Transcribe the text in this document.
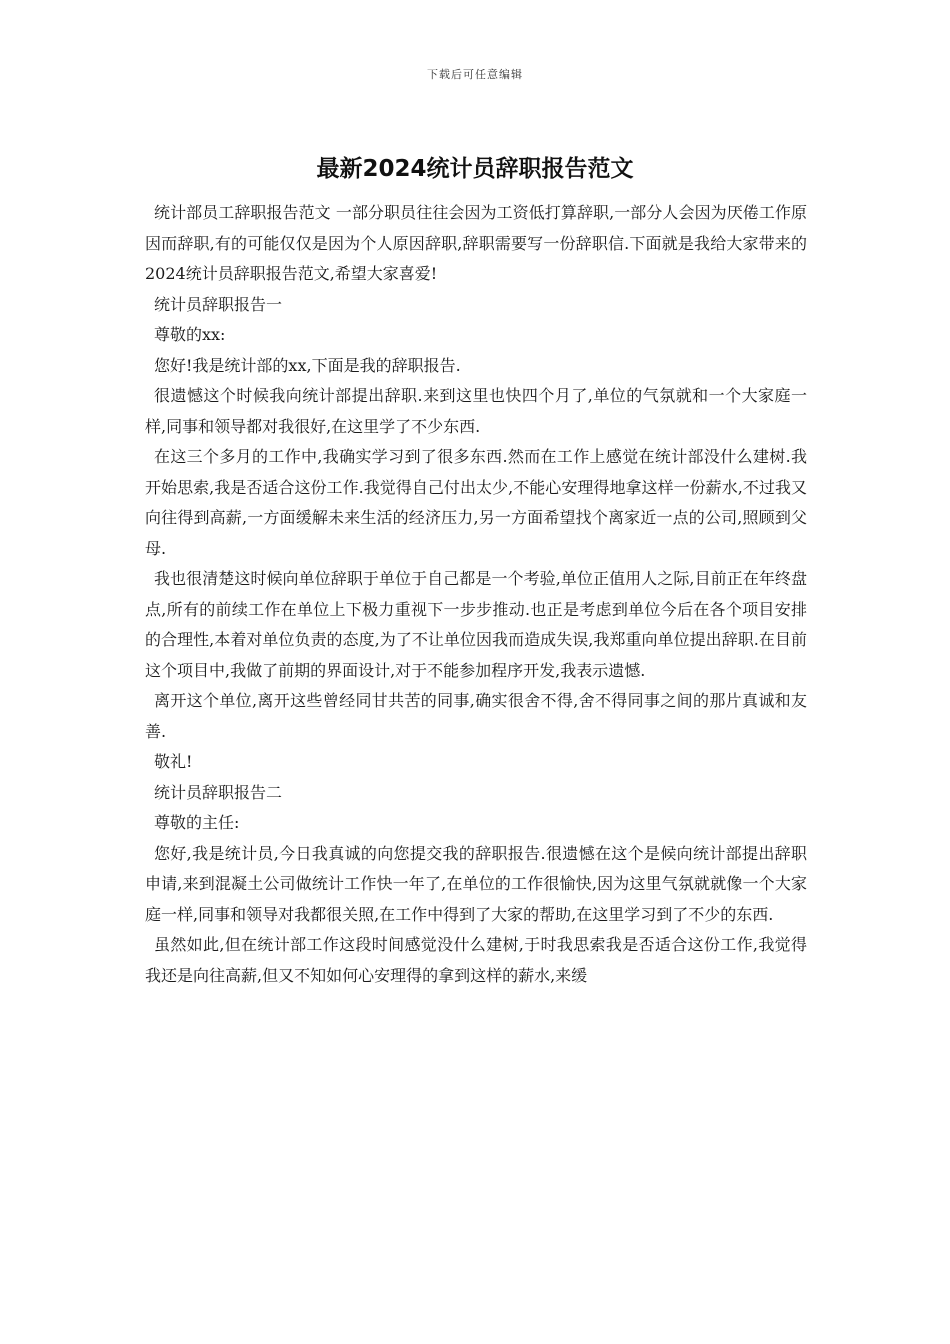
下载后可任意编辑
最新2024统计员辞职报告范文

统计部员工辞职报告范文 一部分职员往往会因为工资低打算辞职,一部分人会因为厌倦工作原因而辞职,有的可能仅仅是因为个人原因辞职,辞职需要写一份辞职信.下面就是我给大家带来的2024统计员辞职报告范文,希望大家喜爱!

统计员辞职报告一

尊敬的xx:

您好!我是统计部的xx,下面是我的辞职报告.

很遗憾这个时候我向统计部提出辞职.来到这里也快四个月了,单位的气氛就和一个大家庭一样,同事和领导都对我很好,在这里学了不少东西.

在这三个多月的工作中,我确实学习到了很多东西.然而在工作上感觉在统计部没什么建树.我开始思索,我是否适合这份工作.我觉得自己付出太少,不能心安理得地拿这样一份薪水,不过我又向往得到高薪,一方面缓解未来生活的经济压力,另一方面希望找个离家近一点的公司,照顾到父母.

我也很清楚这时候向单位辞职于单位于自己都是一个考验,单位正值用人之际,目前正在年终盘点,所有的前续工作在单位上下极力重视下一步步推动.也正是考虑到单位今后在各个项目安排的合理性,本着对单位负责的态度,为了不让单位因我而造成失误,我郑重向单位提出辞职.在目前这个项目中,我做了前期的界面设计,对于不能参加程序开发,我表示遗憾.

离开这个单位,离开这些曾经同甘共苦的同事,确实很舍不得,舍不得同事之间的那片真诚和友善.

敬礼!

统计员辞职报告二

尊敬的主任:

您好,我是统计员,今日我真诚的向您提交我的辞职报告.很遗憾在这个是候向统计部提出辞职申请,来到混凝土公司做统计工作快一年了,在单位的工作很愉快,因为这里气氛就就像一个大家庭一样,同事和领导对我都很关照,在工作中得到了大家的帮助,在这里学习到了不少的东西.

虽然如此,但在统计部工作这段时间感觉没什么建树,于时我思索我是否适合这份工作,我觉得我还是向往高薪,但又不知如何心安理得的拿到这样的薪水,来缓
